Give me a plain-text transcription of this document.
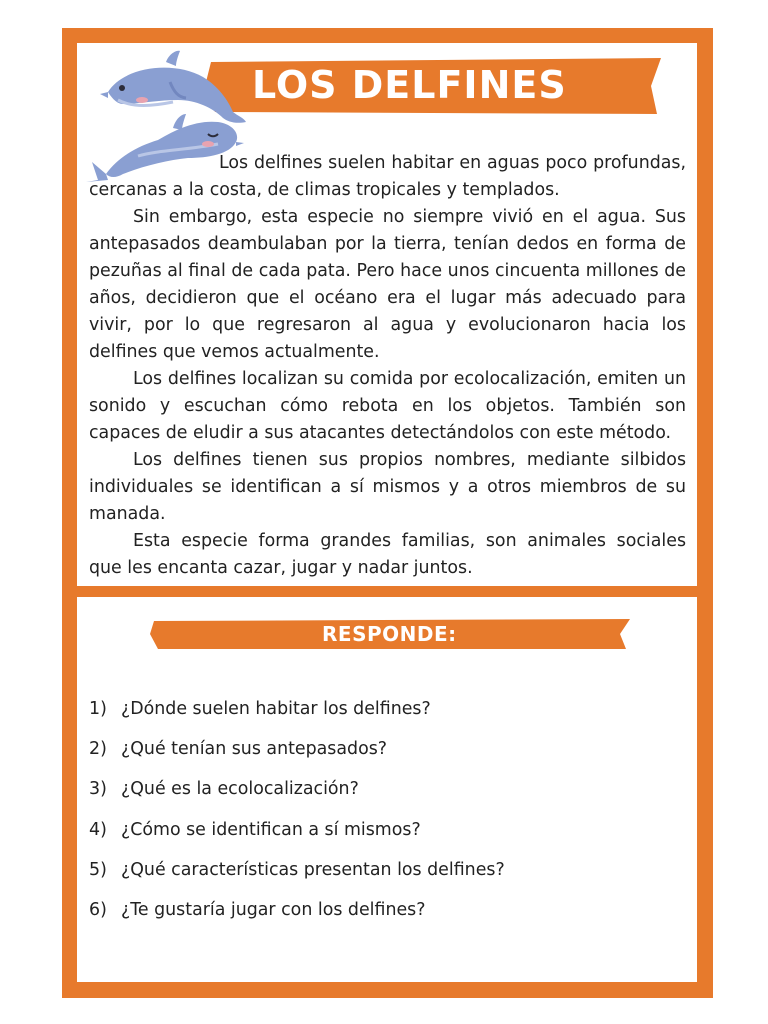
LOS DELFINES

Los delfines suelen habitar en aguas poco profundas, cercanas a la costa, de climas tropicales y templados.

Sin embargo, esta especie no siempre vivió en el agua. Sus antepasados deambulaban por la tierra, tenían dedos en forma de pezuñas al final de cada pata. Pero hace unos cincuenta millones de años, decidieron que el océano era el lugar más adecuado para vivir, por lo que regresaron al agua y evolucionaron hacia los delfines que vemos actualmente.

Los delfines localizan su comida por ecolocalización, emiten un sonido y escuchan cómo rebota en los objetos. También son capaces de eludir a sus atacantes detectándolos con este método.

Los delfines tienen sus propios nombres, mediante silbidos individuales se identifican a sí mismos y a otros miembros de su manada.

Esta especie forma grandes familias, son animales sociales que les encanta cazar, jugar y nadar juntos.

RESPONDE:
1) ¿Dónde suelen habitar los delfines?
2) ¿Qué tenían sus antepasados?
3) ¿Qué es la ecolocalización?
4) ¿Cómo se identifican a sí mismos?
5) ¿Qué características presentan los delfines?
6) ¿Te gustaría jugar con los delfines?
